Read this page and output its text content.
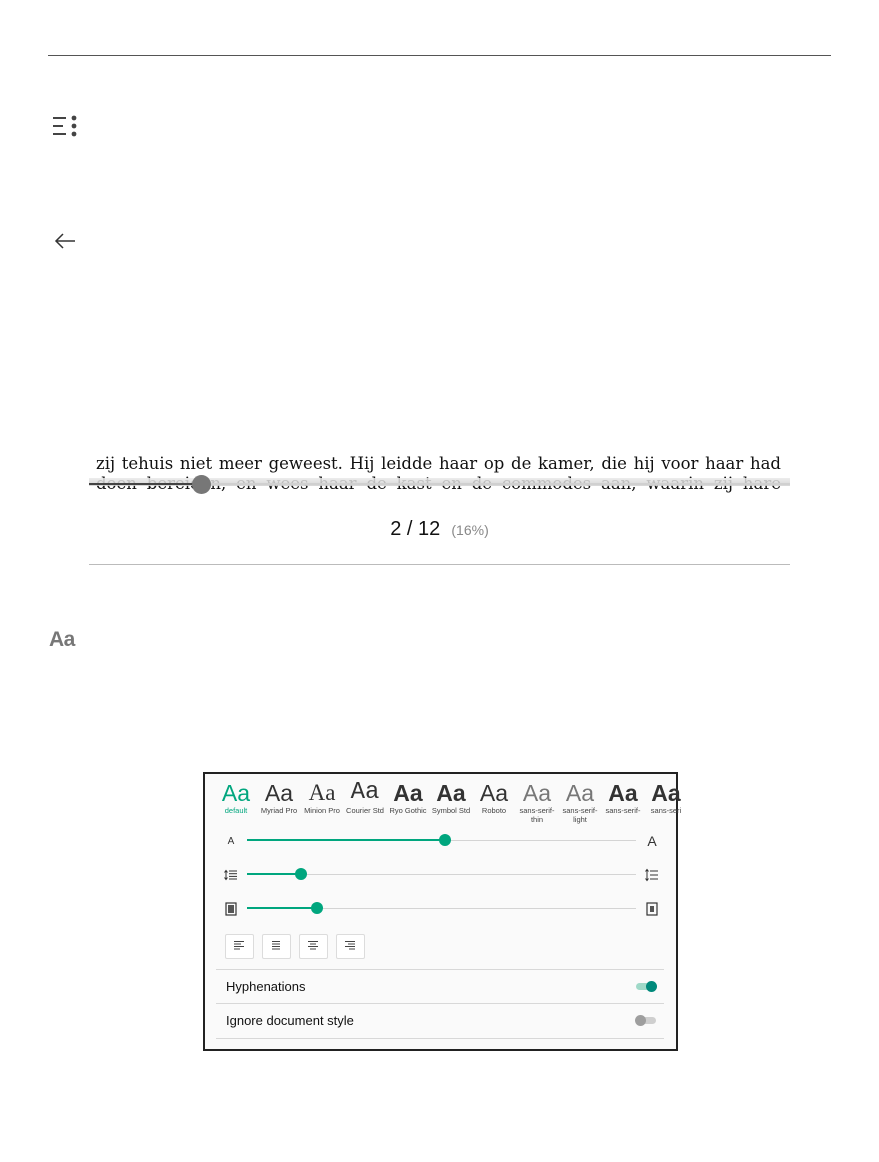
zij tehuis niet meer geweest. Hij leidde haar op de kamer, die hij voor haar had
2 / 12 (16%)
Aa
Aa
default
Aa
Myriad Pro
Aa
Minion Pro
Aa
Courier Std
Aa
Ryo Gothic
Aa
Symbol Std
Aa
Roboto
Aa
sans-serif-thin
Aa
sans-serif-light
Aa
sans-serif-
Aa
sans-seri
A	A

Hyphenations
Ignore document style
